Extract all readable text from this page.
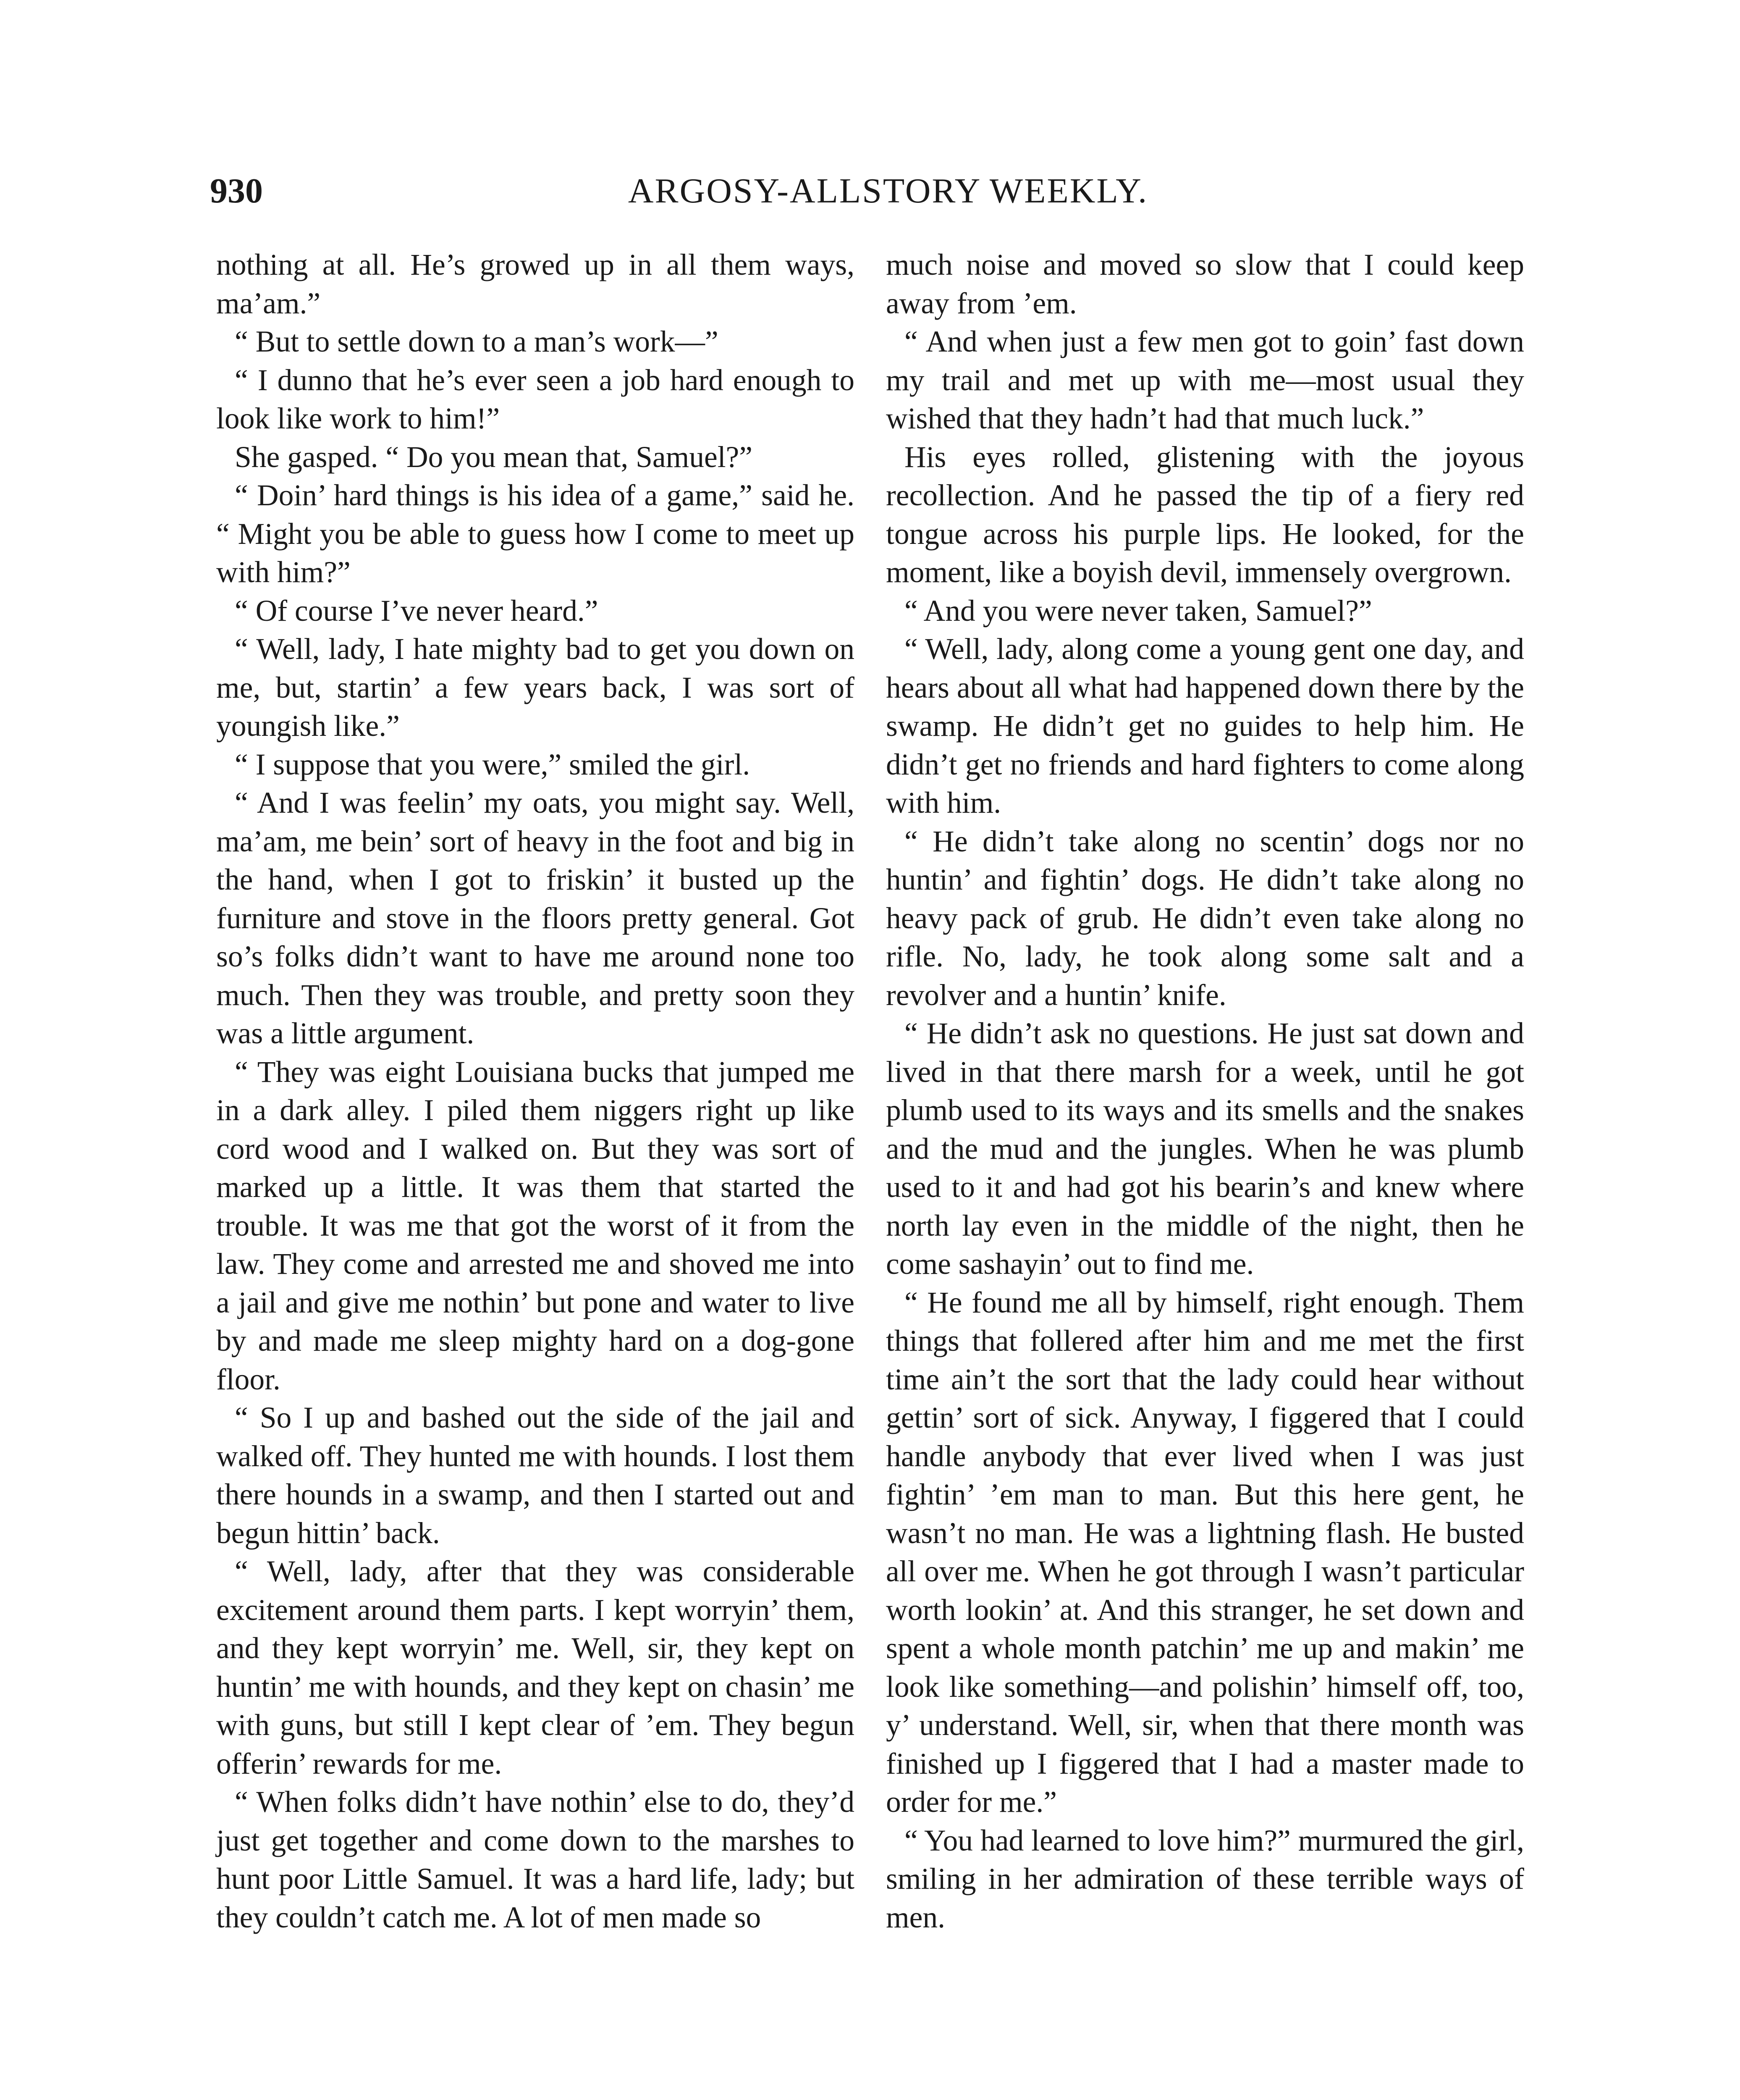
930	ARGOSY-ALLSTORY WEEKLY.

nothing at all. He’s growed up in all them ways, ma’am.”

“ But to settle down to a man’s work—”

“ I dunno that he’s ever seen a job hard enough to look like work to him!”

She gasped. “ Do you mean that, Samuel?”

“ Doin’ hard things is his idea of a game,” said he. “ Might you be able to guess how I come to meet up with him?”

“ Of course I’ve never heard.”

“ Well, lady, I hate mighty bad to get you down on me, but, startin’ a few years back, I was sort of youngish like.”

“ I suppose that you were,” smiled the girl.

“ And I was feelin’ my oats, you might say. Well, ma’am, me bein’ sort of heavy in the foot and big in the hand, when I got to friskin’ it busted up the furniture and stove in the floors pretty general. Got so’s folks didn’t want to have me around none too much. Then they was trouble, and pretty soon they was a little argument.

“ They was eight Louisiana bucks that jumped me in a dark alley. I piled them niggers right up like cord wood and I walked on. But they was sort of marked up a little. It was them that started the trouble. It was me that got the worst of it from the law. They come and arrested me and shoved me into a jail and give me nothin’ but pone and water to live by and made me sleep mighty hard on a dog-gone floor.

“ So I up and bashed out the side of the jail and walked off. They hunted me with hounds. I lost them there hounds in a swamp, and then I started out and begun hittin’ back.

“ Well, lady, after that they was considerable excitement around them parts. I kept worryin’ them, and they kept worryin’ me. Well, sir, they kept on huntin’ me with hounds, and they kept on chasin’ me with guns, but still I kept clear of ’em. They begun offerin’ rewards for me.

“ When folks didn’t have nothin’ else to do, they’d just get together and come down to the marshes to hunt poor Little Samuel. It was a hard life, lady; but they couldn’t catch me. A lot of men made so

much noise and moved so slow that I could keep away from ’em.

“ And when just a few men got to goin’ fast down my trail and met up with me—most usual they wished that they hadn’t had that much luck.”

His eyes rolled, glistening with the joyous recollection. And he passed the tip of a fiery red tongue across his purple lips. He looked, for the moment, like a boyish devil, immensely overgrown.

“ And you were never taken, Samuel?”

“ Well, lady, along come a young gent one day, and hears about all what had happened down there by the swamp. He didn’t get no guides to help him. He didn’t get no friends and hard fighters to come along with him.

“ He didn’t take along no scentin’ dogs nor no huntin’ and fightin’ dogs. He didn’t take along no heavy pack of grub. He didn’t even take along no rifle. No, lady, he took along some salt and a revolver and a huntin’ knife.

“ He didn’t ask no questions. He just sat down and lived in that there marsh for a week, until he got plumb used to its ways and its smells and the snakes and the mud and the jungles. When he was plumb used to it and had got his bearin’s and knew where north lay even in the middle of the night, then he come sashayin’ out to find me.

“ He found me all by himself, right enough. Them things that follered after him and me met the first time ain’t the sort that the lady could hear without gettin’ sort of sick. Anyway, I figgered that I could handle anybody that ever lived when I was just fightin’ ’em man to man. But this here gent, he wasn’t no man. He was a lightning flash. He busted all over me. When he got through I wasn’t particular worth lookin’ at. And this stranger, he set down and spent a whole month patchin’ me up and makin’ me look like something—and polishin’ himself off, too, y’ understand. Well, sir, when that there month was finished up I figgered that I had a master made to order for me.”

“ You had learned to love him?” murmured the girl, smiling in her admiration of these terrible ways of men.
